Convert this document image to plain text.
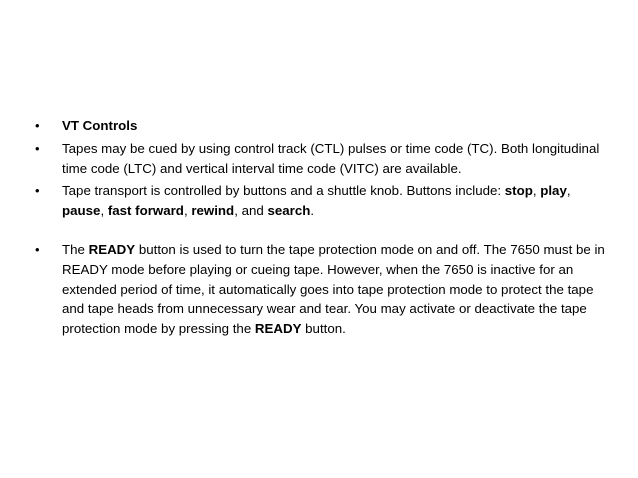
•	VT Controls
•	Tapes may be cued by using control track (CTL) pulses or time code (TC). Both longitudinal time code (LTC) and vertical interval time code (VITC) are available.
•	Tape transport is controlled by buttons and a shuttle knob. Buttons include: stop, play, pause, fast forward, rewind, and search.
•	The READY button is used to turn the tape protection mode on and off. The 7650 must be in READY mode before playing or cueing tape. However, when the 7650 is inactive for an extended period of time, it automatically goes into tape protection mode to protect the tape and tape heads from unnecessary wear and tear. You may activate or deactivate the tape protection mode by pressing the READY button.
